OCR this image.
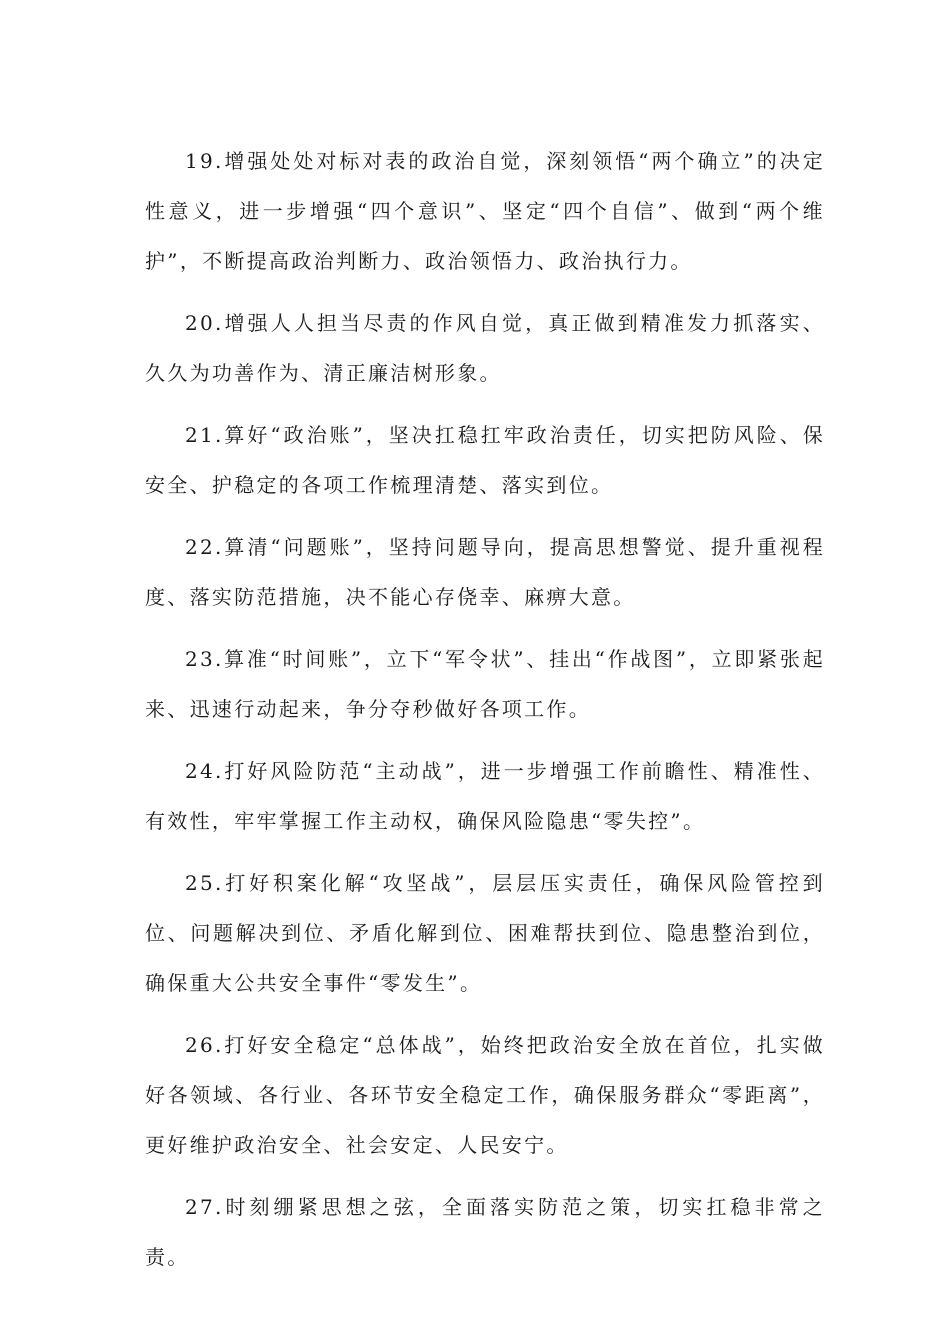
19.增强处处对标对表的政治自觉，深刻领悟“两个确立”的决定性意义，进一步增强“四个意识”、坚定“四个自信”、做到“两个维护”，不断提高政治判断力、政治领悟力、政治执行力。

20.增强人人担当尽责的作风自觉，真正做到精准发力抓落实、久久为功善作为、清正廉洁树形象。

21.算好“政治账”，坚决扛稳扛牢政治责任，切实把防风险、保安全、护稳定的各项工作梳理清楚、落实到位。

22.算清“问题账”，坚持问题导向，提高思想警觉、提升重视程度、落实防范措施，决不能心存侥幸、麻痹大意。

23.算准“时间账”，立下“军令状”、挂出“作战图”，立即紧张起来、迅速行动起来，争分夺秒做好各项工作。

24.打好风险防范“主动战”，进一步增强工作前瞻性、精准性、有效性，牢牢掌握工作主动权，确保风险隐患“零失控”。

25.打好积案化解“攻坚战”，层层压实责任，确保风险管控到位、问题解决到位、矛盾化解到位、困难帮扶到位、隐患整治到位，确保重大公共安全事件“零发生”。

26.打好安全稳定“总体战”，始终把政治安全放在首位，扎实做好各领域、各行业、各环节安全稳定工作，确保服务群众“零距离”，更好维护政治安全、社会安定、人民安宁。

27.时刻绷紧思想之弦，全面落实防范之策，切实扛稳非常之责。
